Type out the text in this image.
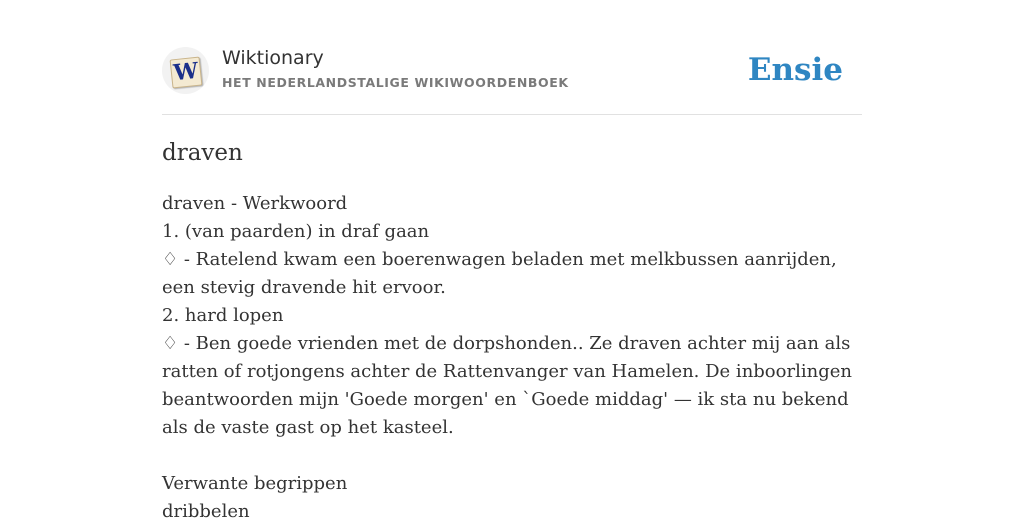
W Wiktionary
HET NEDERLANDSTALIGE WIKIWOORDENBOEK	Ensie
draven
draven - Werkwoord
1. (van paarden) in draf gaan
♢ - Ratelend kwam een boerenwagen beladen met melkbussen aanrijden, een stevig dravende hit ervoor.
2. hard lopen
♢ - Ben goede vrienden met de dorpshonden.. Ze draven achter mij aan als ratten of rotjongens achter de Rattenvanger van Hamelen. De inboorlingen beantwoorden mijn 'Goede morgen' en `Goede middag' — ik sta nu bekend als de vaste gast op het kasteel.
Verwante begrippen
dribbelen
